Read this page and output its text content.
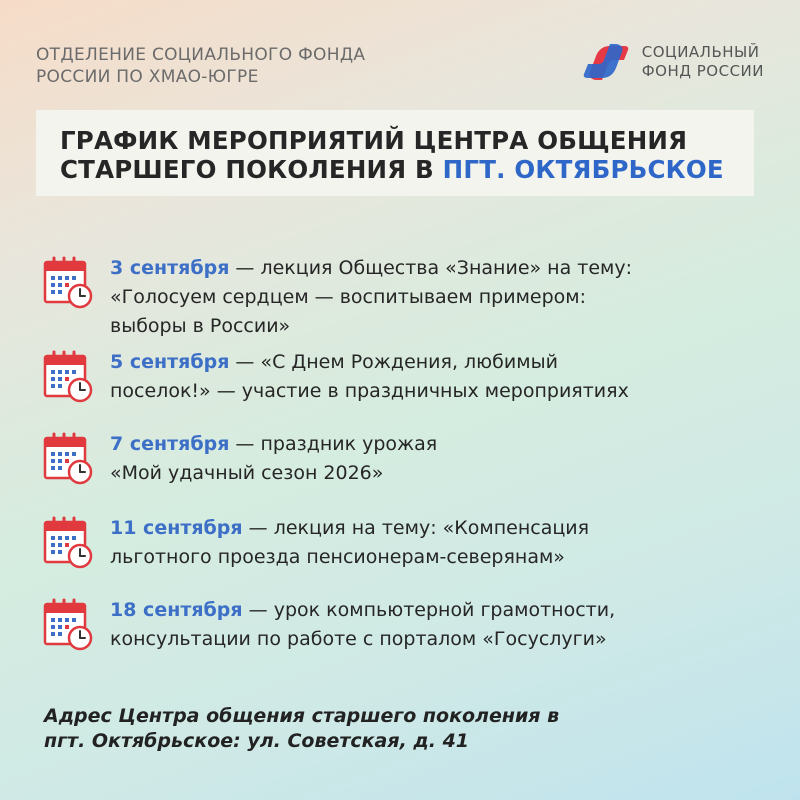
ОТДЕЛЕНИЕ СОЦИАЛЬНОГО ФОНДА
РОССИИ ПО ХМАО-ЮГРЕ
СОЦИАЛЬНЫЙ
ФОНД РОССИИ
ГРАФИК МЕРОПРИЯТИЙ ЦЕНТРА ОБЩЕНИЯ
СТАРШЕГО ПОКОЛЕНИЯ В ПГТ. ОКТЯБРЬСКОЕ
3 сентября — лекция Общества «Знание» на тему:
«Голосуем сердцем — воспитываем примером:
выборы в России»
5 сентября — «С Днем Рождения, любимый
поселок!» — участие в праздничных мероприятиях
7 сентября — праздник урожая
«Мой удачный сезон 2026»
11 сентября — лекция на тему: «Компенсация
льготного проезда пенсионерам-северянам»
18 сентября — урок компьютерной грамотности,
консультации по работе с порталом «Госуслуги»
Адрес Центра общения старшего поколения в
пгт. Октябрьское: ул. Советская, д. 41
